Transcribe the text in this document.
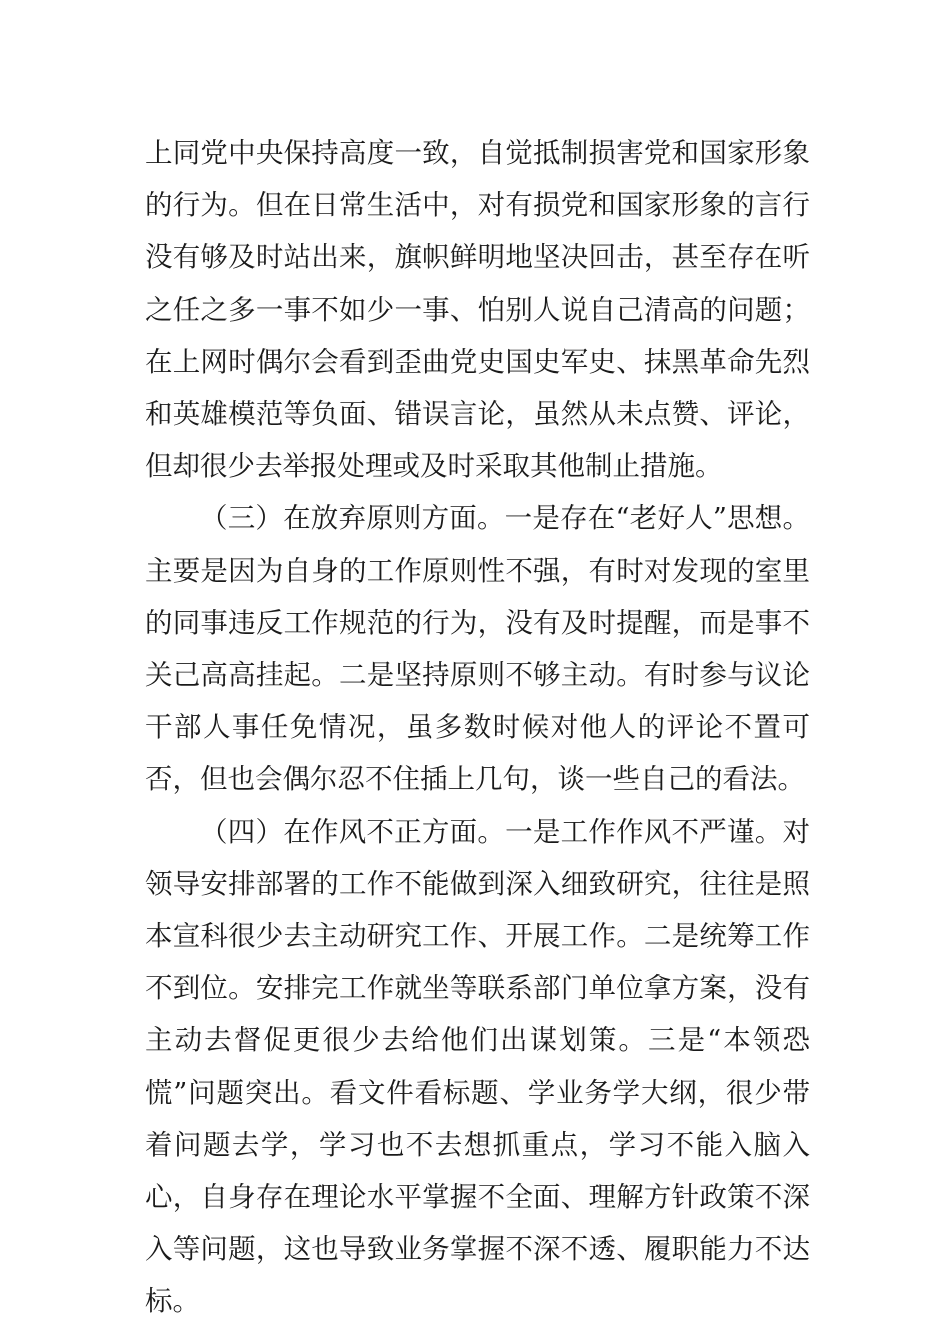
上同党中央保持高度一致，自觉抵制损害党和国家形象的行为。但在日常生活中，对有损党和国家形象的言行没有够及时站出来，旗帜鲜明地坚决回击，甚至存在听之任之多一事不如少一事、怕别人说自己清高的问题；在上网时偶尔会看到歪曲党史国史军史、抹黑革命先烈和英雄模范等负面、错误言论，虽然从未点赞、评论，但却很少去举报处理或及时采取其他制止措施。

（三）在放弃原则方面。一是存在“老好人”思想。主要是因为自身的工作原则性不强，有时对发现的室里的同事违反工作规范的行为，没有及时提醒，而是事不关己高高挂起。二是坚持原则不够主动。有时参与议论干部人事任免情况，虽多数时候对他人的评论不置可否，但也会偶尔忍不住插上几句，谈一些自己的看法。

（四）在作风不正方面。一是工作作风不严谨。对领导安排部署的工作不能做到深入细致研究，往往是照本宣科很少去主动研究工作、开展工作。二是统筹工作不到位。安排完工作就坐等联系部门单位拿方案，没有主动去督促更很少去给他们出谋划策。三是“本领恐慌”问题突出。看文件看标题、学业务学大纲，很少带着问题去学，学习也不去想抓重点，学习不能入脑入心，自身存在理论水平掌握不全面、理解方针政策不深入等问题，这也导致业务掌握不深不透、履职能力不达标。
